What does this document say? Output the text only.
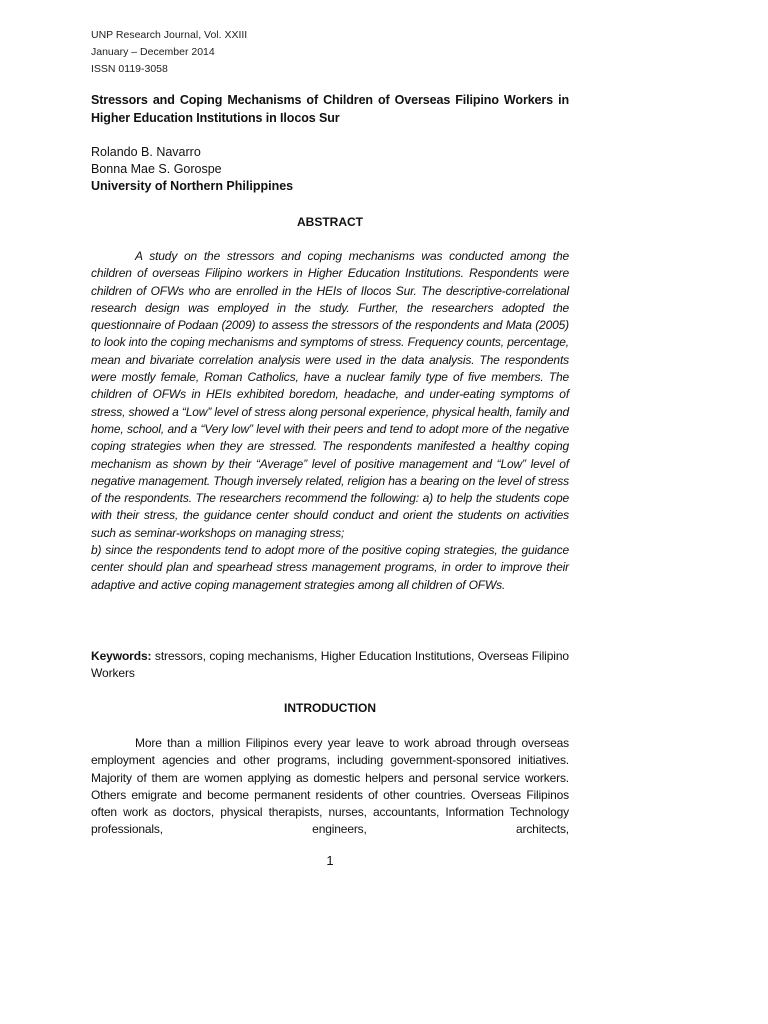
UNP Research Journal, Vol. XXIII
January – December 2014
ISSN 0119-3058
Stressors and Coping Mechanisms of Children of Overseas Filipino Workers in Higher Education Institutions in Ilocos Sur
Rolando B. Navarro
Bonna Mae S. Gorospe
University of Northern Philippines
ABSTRACT

A study on the stressors and coping mechanisms was conducted among the children of overseas Filipino workers in Higher Education Institutions. Respondents were children of OFWs who are enrolled in the HEIs of Ilocos Sur. The descriptive-correlational research design was employed in the study. Further, the researchers adopted the questionnaire of Podaan (2009) to assess the stressors of the respondents and Mata (2005) to look into the coping mechanisms and symptoms of stress. Frequency counts, percentage, mean and bivariate correlation analysis were used in the data analysis. The respondents were mostly female, Roman Catholics, have a nuclear family type of five members. The children of OFWs in HEIs exhibited boredom, headache, and under-eating symptoms of stress, showed a “Low” level of stress along personal experience, physical health, family and home, school, and a “Very low” level with their peers and tend to adopt more of the negative coping strategies when they are stressed. The respondents manifested a healthy coping mechanism as shown by their “Average” level of positive management and “Low” level of negative management. Though inversely related, religion has a bearing on the level of stress of the respondents. The researchers recommend the following: a) to help the students cope with their stress, the guidance center should conduct and orient the students on activities such as seminar-workshops on managing stress;

b) since the respondents tend to adopt more of the positive coping strategies, the guidance center should plan and spearhead stress management programs, in order to improve their adaptive and active coping management strategies among all children of OFWs.

Keywords: stressors, coping mechanisms, Higher Education Institutions, Overseas Filipino Workers
INTRODUCTION

More than a million Filipinos every year leave to work abroad through overseas employment agencies and other programs, including government-sponsored initiatives. Majority of them are women applying as domestic helpers and personal service workers. Others emigrate and become permanent residents of other countries. Overseas Filipinos often work as doctors, physical therapists, nurses, accountants, Information Technology professionals, engineers, architects,

1
